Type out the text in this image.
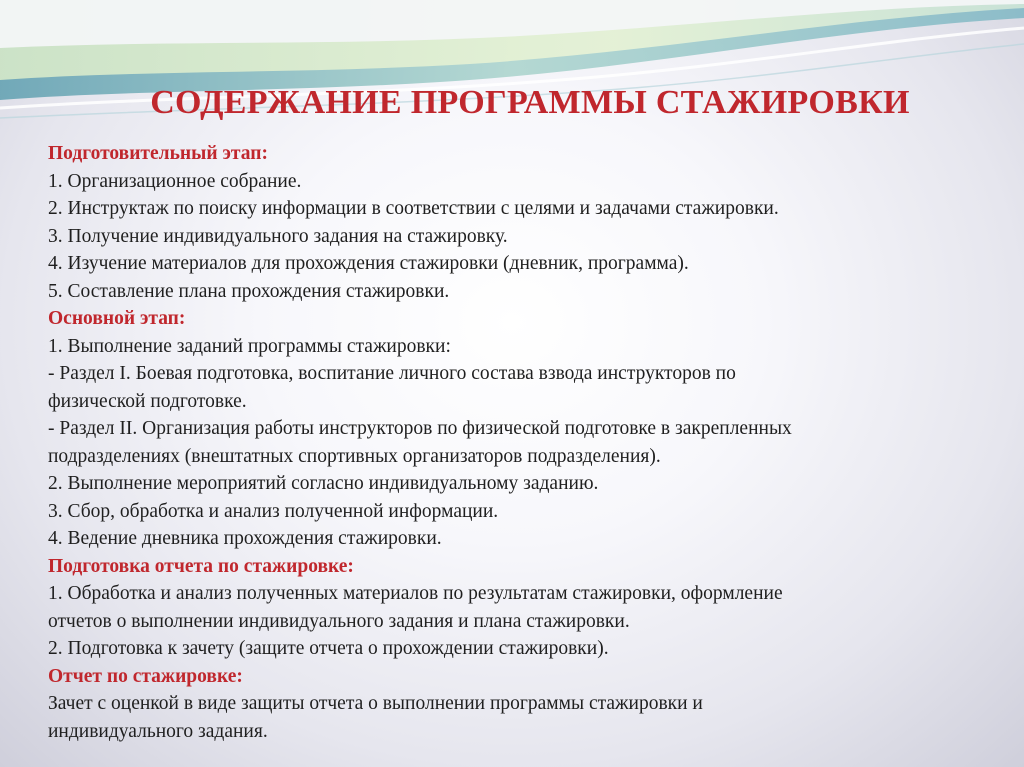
СОДЕРЖАНИЕ ПРОГРАММЫ СТАЖИРОВКИ

Подготовительный этап:

1. Организационное собрание.

2. Инструктаж по поиску информации в соответствии с целями и задачами стажировки.

3. Получение индивидуального задания на стажировку.

4. Изучение материалов для прохождения стажировки (дневник, программа).

5. Составление плана прохождения стажировки.

Основной этап:

1. Выполнение заданий программы стажировки:

- Раздел I. Боевая подготовка, воспитание личного состава взвода инструкторов по

физической подготовке.

- Раздел II. Организация работы инструкторов по физической подготовке в закрепленных

подразделениях (внештатных спортивных организаторов подразделения).

2. Выполнение мероприятий согласно индивидуальному заданию.

3. Сбор, обработка и анализ полученной информации.

4. Ведение дневника прохождения стажировки.

Подготовка отчета по стажировке:

1. Обработка и анализ полученных материалов по результатам стажировки, оформление

отчетов о выполнении индивидуального задания и плана стажировки.

2. Подготовка к зачету (защите отчета о прохождении стажировки).

Отчет по стажировке:

Зачет с оценкой в виде защиты отчета о выполнении программы стажировки и

индивидуального задания.
